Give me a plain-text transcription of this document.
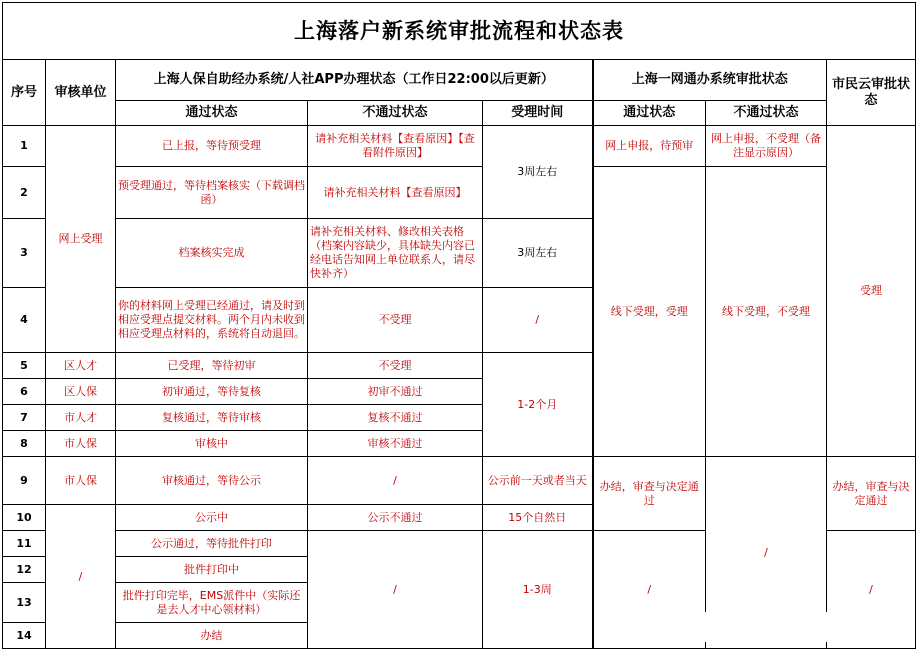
上海落户新系统审批流程和状态表							
序号	审核单位	上海人保自助经办系统/人社APP办理状态（工作日22:00以后更新）			上海一网通办系统审批状态		市民云审批状态
		通过状态	不通过状态	受理时间	通过状态	不通过状态	
1	网上受理	已上报，等待预受理	请补充相关材料【查看原因】【查看附件原因】	3周左右	网上申报，待预审	网上申报，不受理（备注显示原因）	受理
2		预受理通过，等待档案核实（下载调档函）	请补充相关材料【查看原因】		线下受理，受理	线下受理，不受理	
3		档案核实完成	请补充相关材料、修改相关表格（档案内容缺少，具体缺失内容已经电话告知网上单位联系人，请尽快补齐）	3周左右			
4		你的材料网上受理已经通过，请及时到相应受理点提交材料。两个月内未收到相应受理点材料的，系统将自动退回。	不受理	/			
5	区人才	已受理，等待初审	不受理	1-2个月			
6	区人保	初审通过，等待复核	初审不通过				
7	市人才	复核通过，等待审核	复核不通过				
8	市人保	审核中	审核不通过				
9	市人保	审核通过，等待公示	/	公示前一天或者当天	办结，审查与决定通过	/	办结，审查与决定通过
10	/	公示中	公示不通过	15个自然日			
11		公示通过，等待批件打印	/	1-3周	/		/
12		批件打印中					
13		批件打印完毕，EMS派件中（实际还是去人才中心领材料）					
14		办结					
